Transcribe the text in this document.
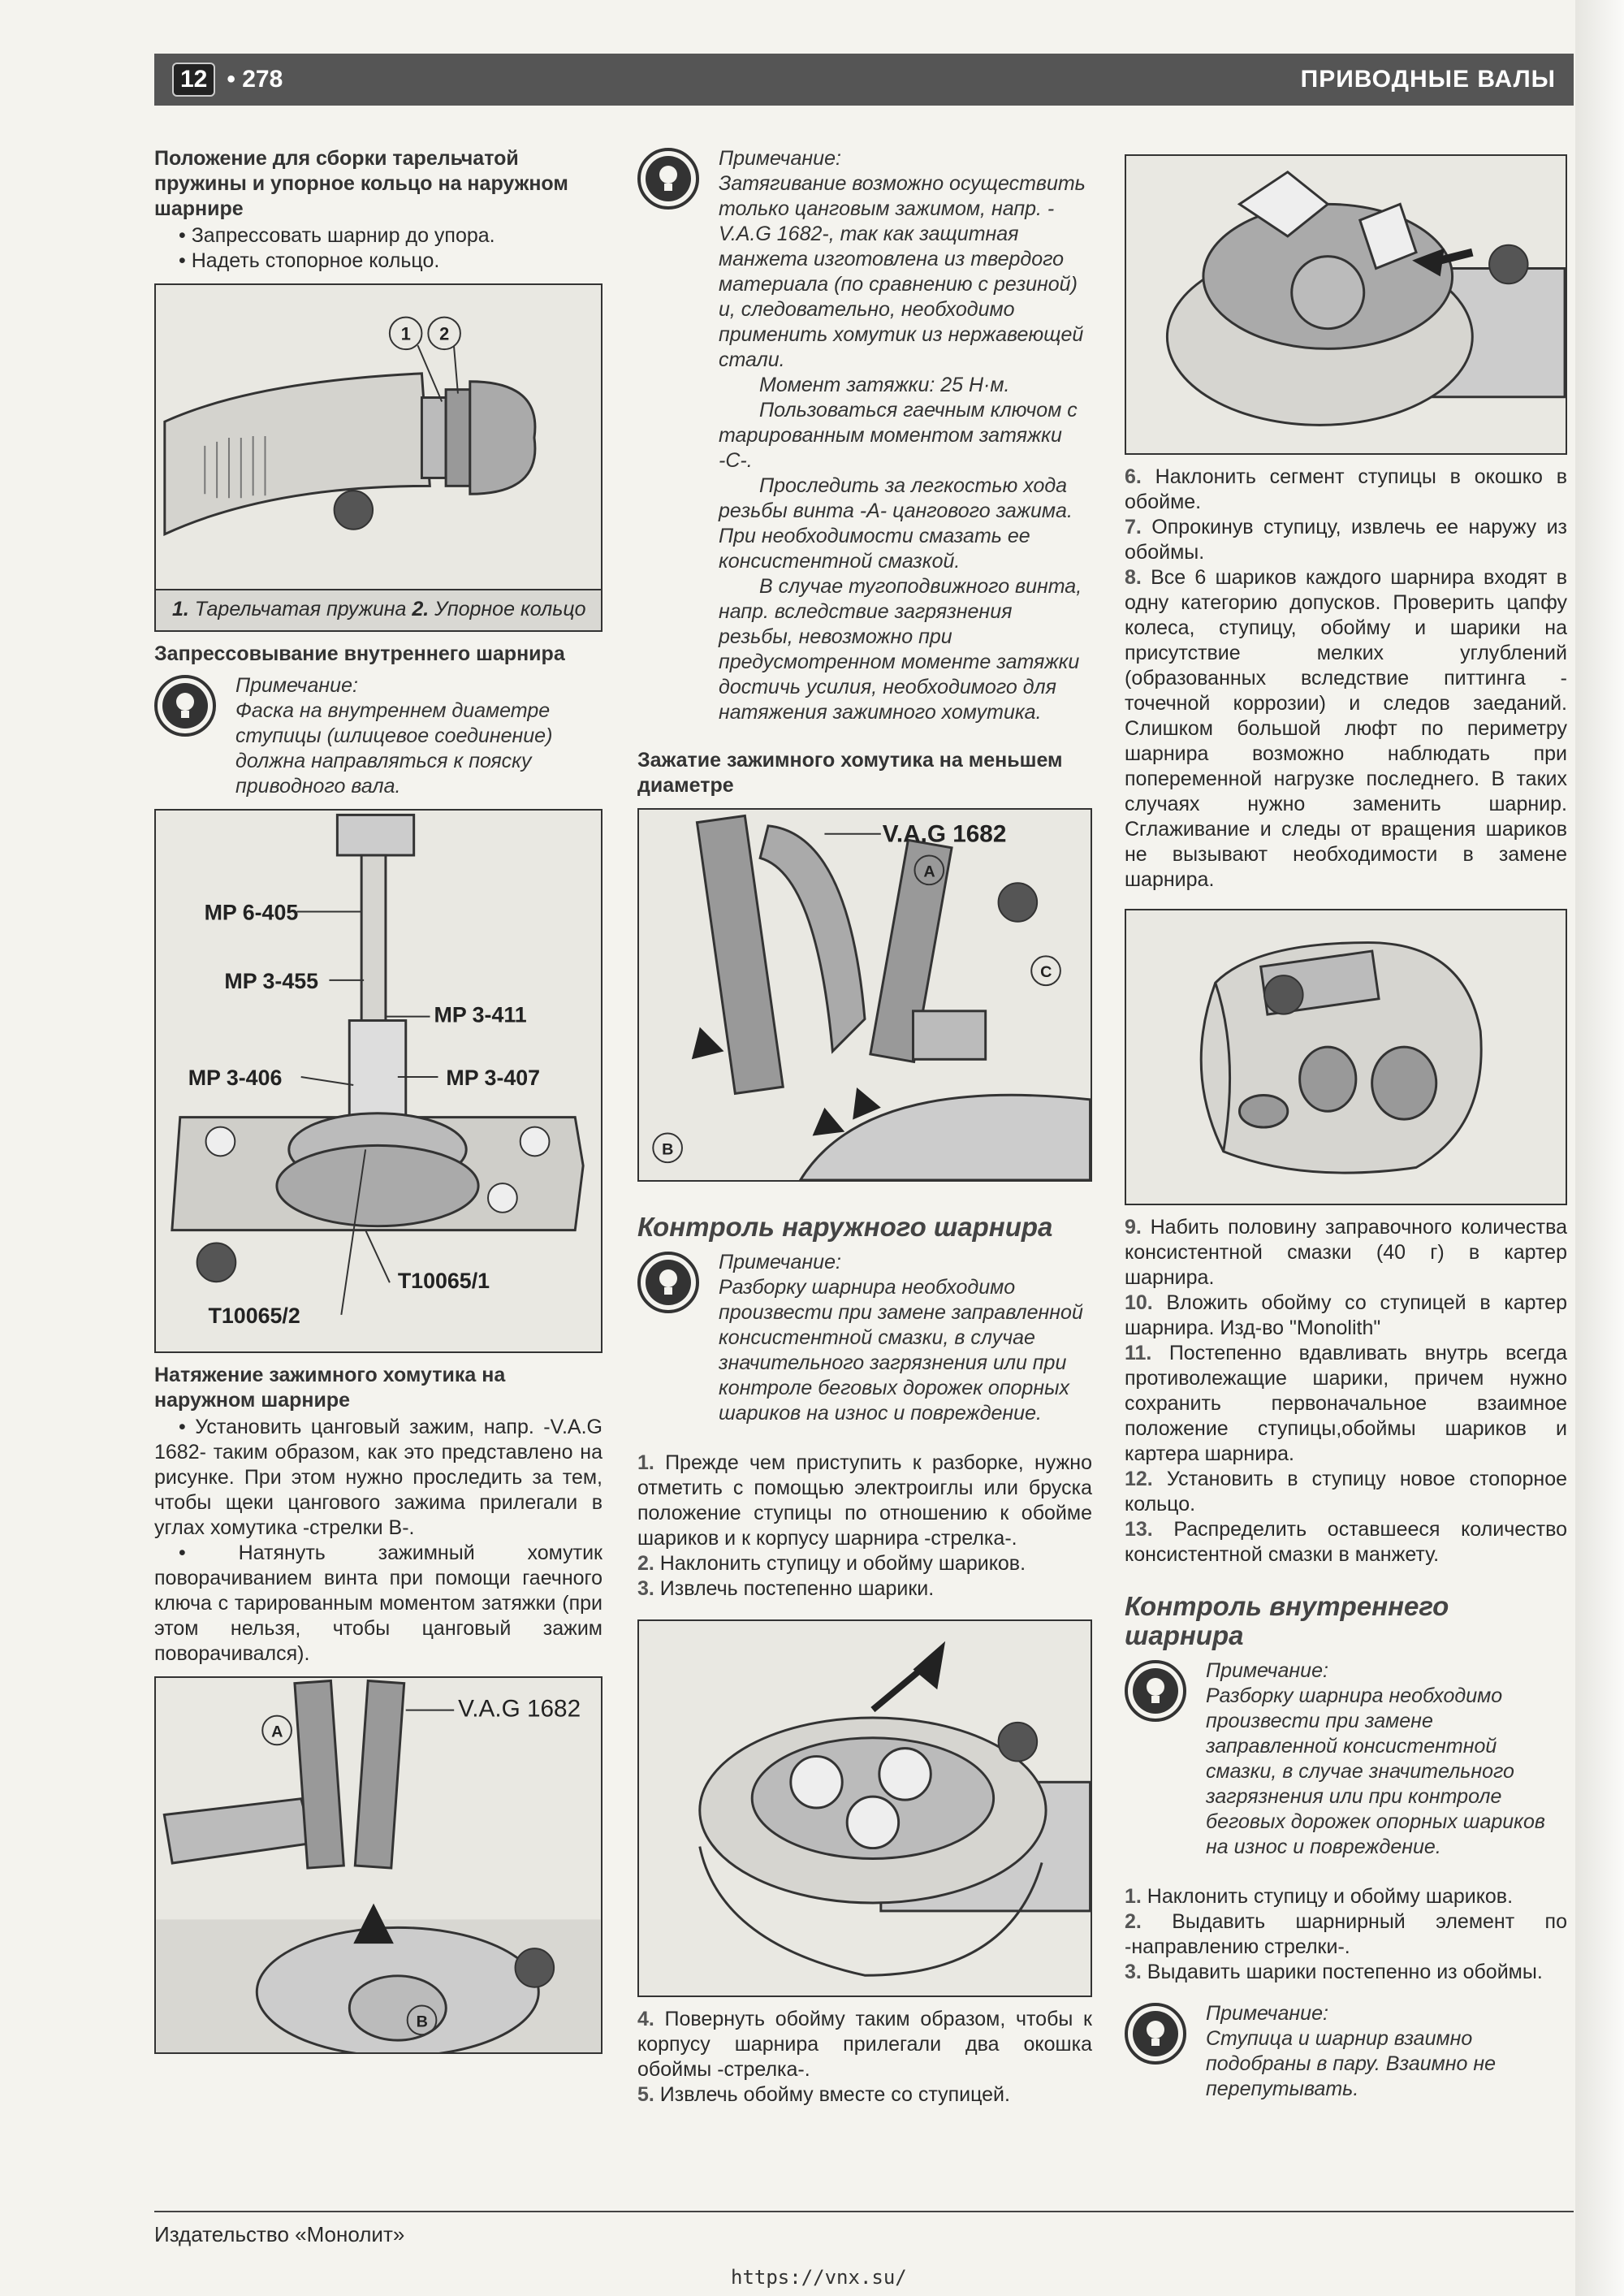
12 • 278	ПРИВОДНЫЕ ВАЛЫ
Положение для сборки тарельчатой пружины и упорное кольцо на наружном шарнире
• Запрессовать шарнир до упора.
• Надеть стопорное кольцо.
1 2
1. Тарельчатая пружина 2. Упорное кольцо
Запрессовывание внутреннего шарнира
Примечание:
Фаска на внутреннем диаметре ступицы (шлицевое соединение) должна направляться к пояску приводного вала.
MP 6-405
MP 3-455
MP 3-411
MP 3-406	MP 3-407
T10065/1
T10065/2
Натяжение зажимного хомутика на наружном шарнире
• Установить цанговый зажим, напр. -V.A.G 1682- таким образом, как это представлено на рисунке. При этом нужно проследить за тем, чтобы щеки цангового зажима прилегали в углах хомутика -стрелки В-.
• Натянуть зажимный хомутик поворачиванием винта при помощи гаечного ключа с тарированным моментом затяжки (при этом нельзя, чтобы цанговый зажим поворачивался).
V.A.G 1682
A
B
Примечание:
Затягивание возможно осуществить только цанговым зажимом, напр. -V.A.G 1682-, так как защитная манжета изготовлена из твердого материала (по сравнению с резиной) и, следовательно, необходимо применить хомутик из нержавеющей стали.
Момент затяжки: 25 Н·м.
Пользоваться гаечным ключом с тарированным моментом затяжки -С-.
Проследить за легкостью хода резьбы винта -А- цангового зажима. При необходимости смазать ее консистентной смазкой.
В случае тугоподвижного винта, напр. вследствие загрязнения резьбы, невозможно при предусмотренном моменте затяжки достичь усилия, необходимого для натяжения зажимного хомутика.
Зажатие зажимного хомутика на меньшем диаметре
V.A.G 1682
A
B
C
Контроль наружного шарнира
Примечание:
Разборку шарнира необходимо произвести при замене заправленной консистентной смазки, в случае значительного загрязнения или при контроле беговых дорожек опорных шариков на износ и повреждение.
1. Прежде чем приступить к разборке, нужно отметить с помощью электроиглы или бруска положение ступицы по отношению к обойме шариков и к корпусу шарнира -стрелка-.
2. Наклонить ступицу и обойму шариков.
3. Извлечь постепенно шарики.
4. Повернуть обойму таким образом, чтобы к корпусу шарнира прилегали два окошка обоймы -стрелка-.
5. Извлечь обойму вместе со ступицей.
6. Наклонить сегмент ступицы в окошко в обойме.
7. Опрокинув ступицу, извлечь ее наружу из обоймы.
8. Все 6 шариков каждого шарнира входят в одну категорию допусков. Проверить цапфу колеса, ступицу, обойму и шарики на присутствие мелких углублений (образованных вследствие питтинга - точечной коррозии) и следов заеданий. Слишком большой люфт по периметру шарнира возможно наблюдать при попеременной нагрузке последнего. В таких случаях нужно заменить шарнир. Сглаживание и следы от вращения шариков не вызывают необходимости в замене шарнира.
9. Набить половину заправочного количества консистентной смазки (40 г) в картер шарнира.
10. Вложить обойму со ступицей в картер шарнира. Изд-во "Monolith"
11. Постепенно вдавливать внутрь всегда противолежащие шарики, причем нужно сохранить первоначальное взаимное положение ступицы,обоймы шариков и картера шарнира.
12. Установить в ступицу новое стопорное кольцо.
13. Распределить оставшееся количество консистентной смазки в манжету.
Контроль внутреннего шарнира
Примечание:
Разборку шарнира необходимо произвести при замене заправленной консистентной смазки, в случае значительного загрязнения или при контроле беговых дорожек опорных шариков на износ и повреждение.
1. Наклонить ступицу и обойму шариков.
2. Выдавить шарнирный элемент по -направлению стрелки-.
3. Выдавить шарики постепенно из обоймы.
Примечание:
Ступица и шарнир взаимно подобраны в пару. Взаимно не перепутывать.
Издательство «Монолит»
https://vnx.su/
